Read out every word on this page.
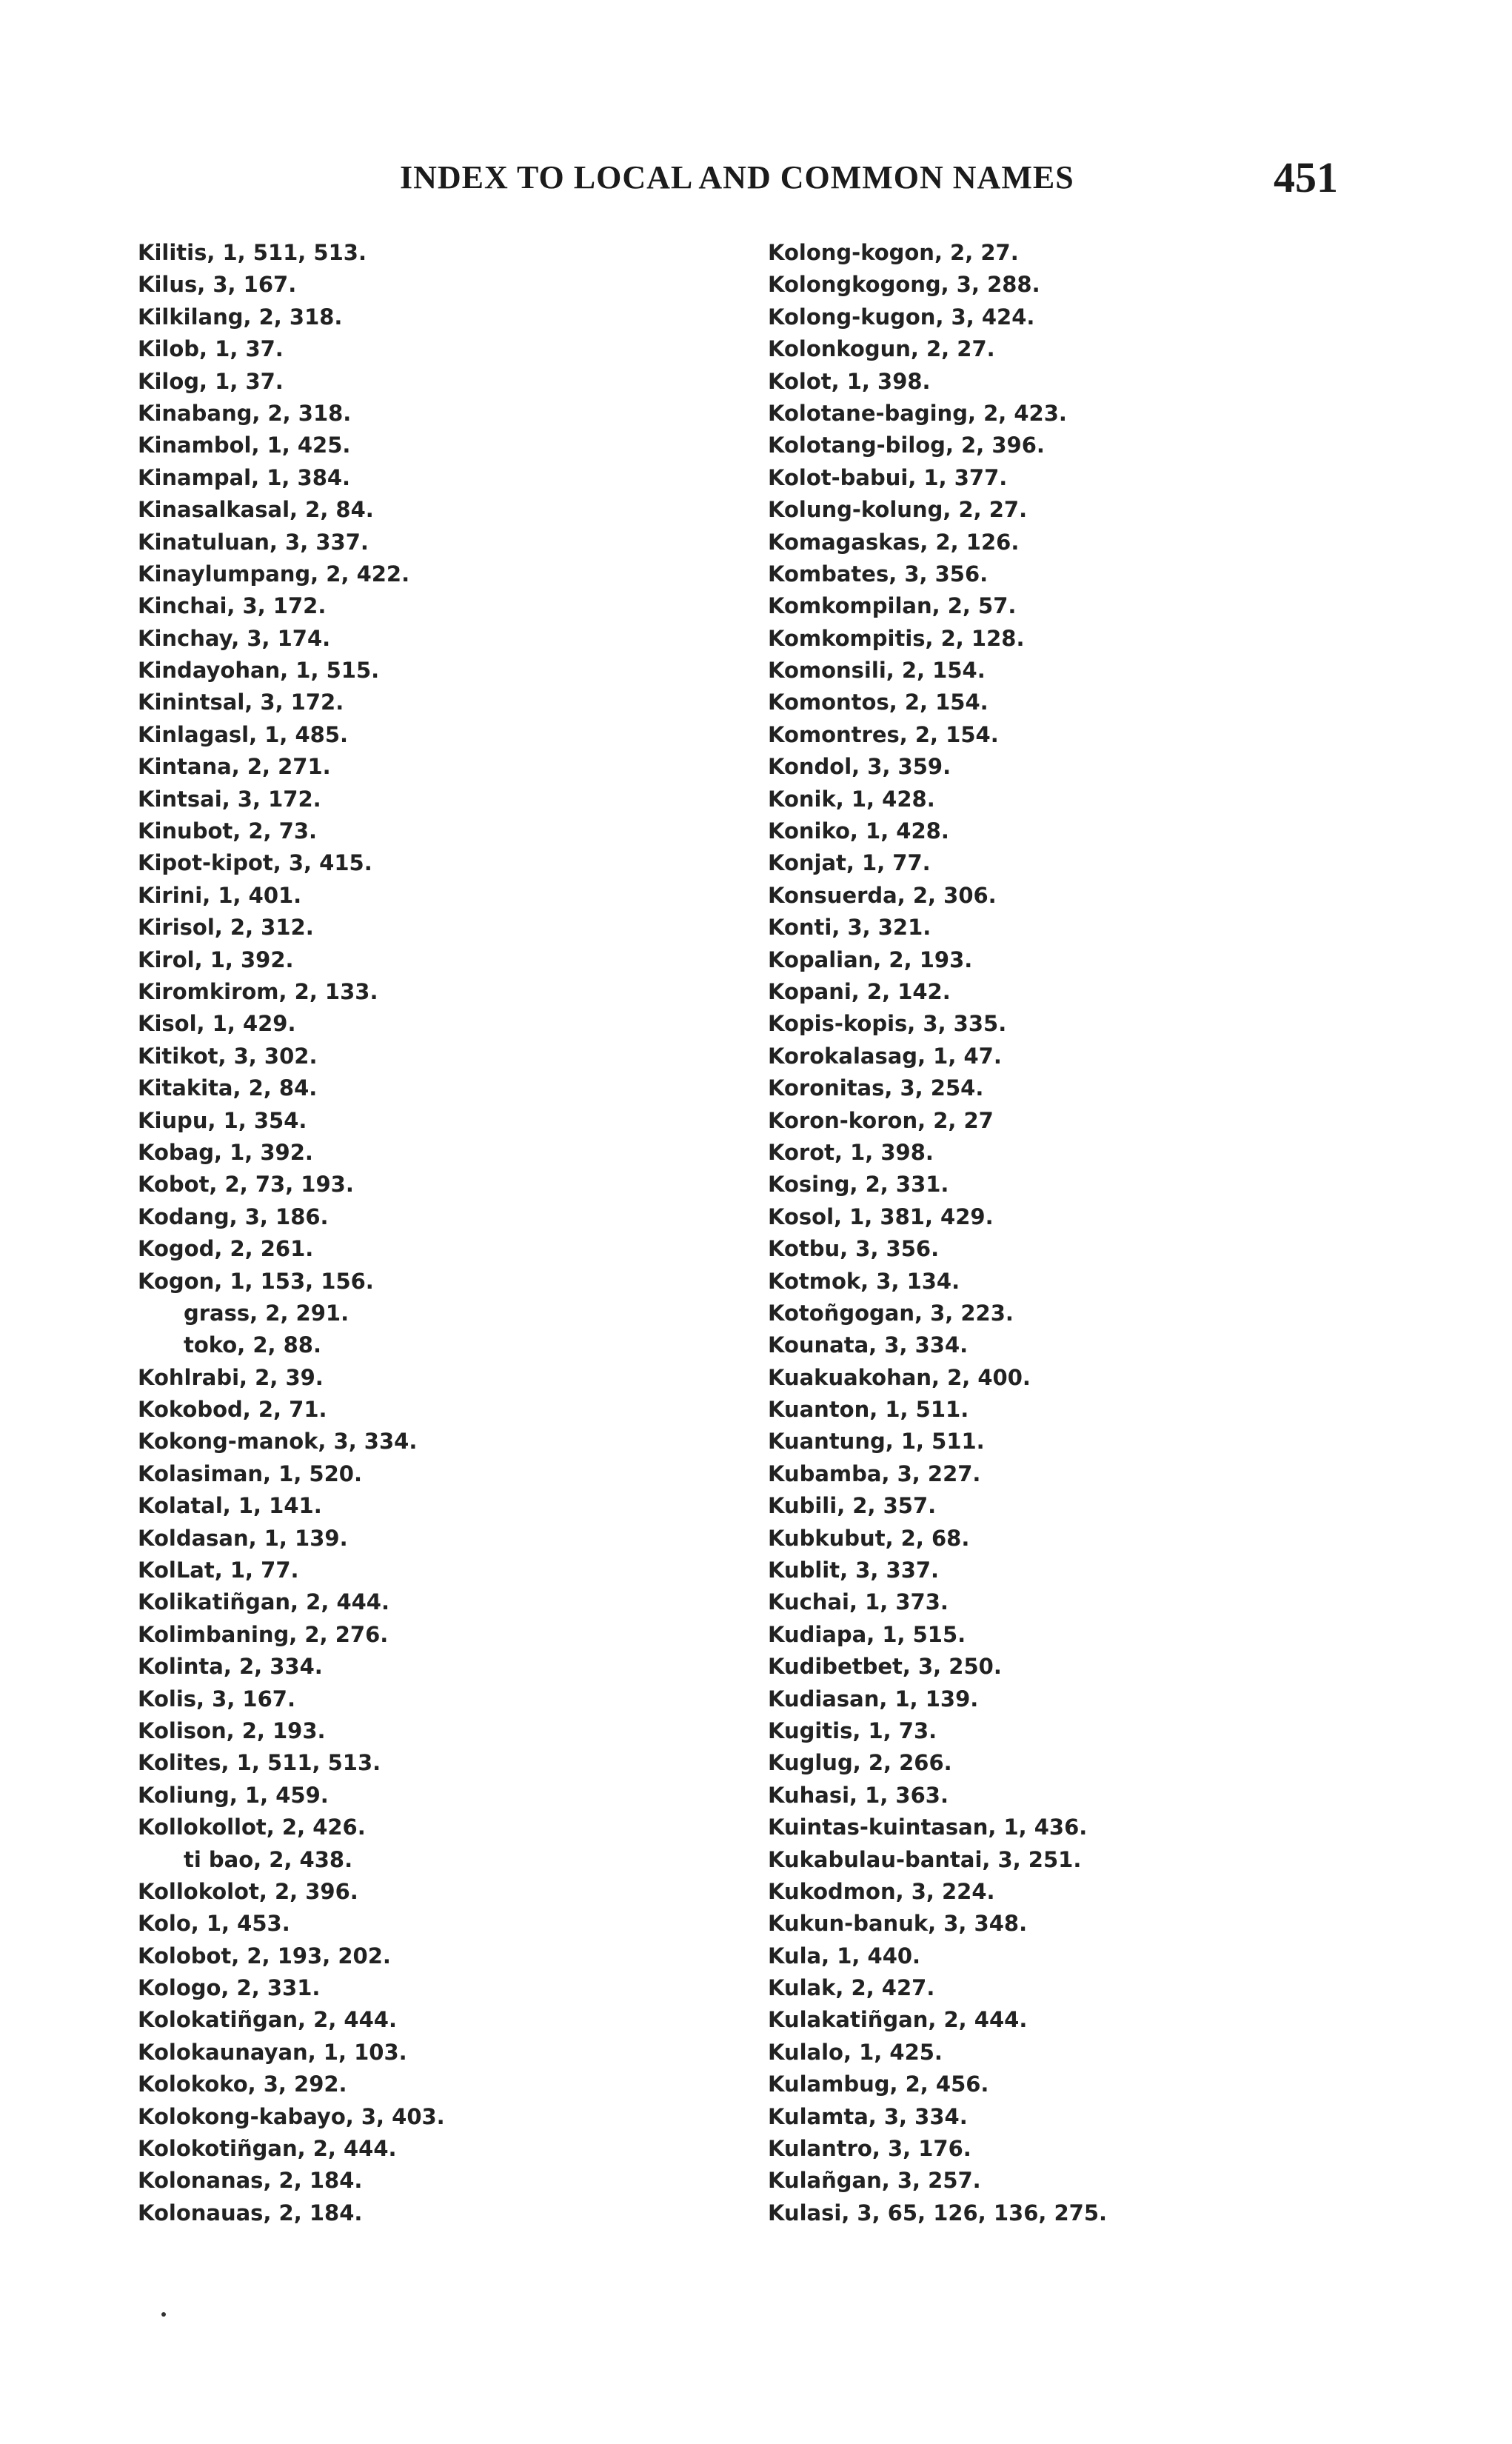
INDEX TO LOCAL AND COMMON NAMES	451
Kilitis, 1, 511, 513.
Kilus, 3, 167.
Kilkilang, 2, 318.
Kilob, 1, 37.
Kilog, 1, 37.
Kinabang, 2, 318.
Kinambol, 1, 425.
Kinampal, 1, 384.
Kinasalkasal, 2, 84.
Kinatuluan, 3, 337.
Kinaylumpang, 2, 422.
Kinchai, 3, 172.
Kinchay, 3, 174.
Kindayohan, 1, 515.
Kinintsal, 3, 172.
Kinlagasl, 1, 485.
Kintana, 2, 271.
Kintsai, 3, 172.
Kinubot, 2, 73.
Kipot-kipot, 3, 415.
Kirini, 1, 401.
Kirisol, 2, 312.
Kirol, 1, 392.
Kiromkirom, 2, 133.
Kisol, 1, 429.
Kitikot, 3, 302.
Kitakita, 2, 84.
Kiupu, 1, 354.
Kobag, 1, 392.
Kobot, 2, 73, 193.
Kodang, 3, 186.
Kogod, 2, 261.
Kogon, 1, 153, 156.
grass, 2, 291.
toko, 2, 88.
Kohlrabi, 2, 39.
Kokobod, 2, 71.
Kokong-manok, 3, 334.
Kolasiman, 1, 520.
Kolatal, 1, 141.
Koldasan, 1, 139.
KolLat, 1, 77.
Kolikatiñgan, 2, 444.
Kolimbaning, 2, 276.
Kolinta, 2, 334.
Kolis, 3, 167.
Kolison, 2, 193.
Kolites, 1, 511, 513.
Koliung, 1, 459.
Kollokollot, 2, 426.
ti bao, 2, 438.
Kollokolot, 2, 396.
Kolo, 1, 453.
Kolobot, 2, 193, 202.
Kologo, 2, 331.
Kolokatiñgan, 2, 444.
Kolokaunayan, 1, 103.
Kolokoko, 3, 292.
Kolokong-kabayo, 3, 403.
Kolokotiñgan, 2, 444.
Kolonanas, 2, 184.
Kolonauas, 2, 184.
Kolong-kogon, 2, 27.
Kolongkogong, 3, 288.
Kolong-kugon, 3, 424.
Kolonkogun, 2, 27.
Kolot, 1, 398.
Kolotane-baging, 2, 423.
Kolotang-bilog, 2, 396.
Kolot-babui, 1, 377.
Kolung-kolung, 2, 27.
Komagaskas, 2, 126.
Kombates, 3, 356.
Komkompilan, 2, 57.
Komkompitis, 2, 128.
Komonsili, 2, 154.
Komontos, 2, 154.
Komontres, 2, 154.
Kondol, 3, 359.
Konik, 1, 428.
Koniko, 1, 428.
Konjat, 1, 77.
Konsuerda, 2, 306.
Konti, 3, 321.
Kopalian, 2, 193.
Kopani, 2, 142.
Kopis-kopis, 3, 335.
Korokalasag, 1, 47.
Koronitas, 3, 254.
Koron-koron, 2, 27
Korot, 1, 398.
Kosing, 2, 331.
Kosol, 1, 381, 429.
Kotbu, 3, 356.
Kotmok, 3, 134.
Kotoñgogan, 3, 223.
Kounata, 3, 334.
Kuakuakohan, 2, 400.
Kuanton, 1, 511.
Kuantung, 1, 511.
Kubamba, 3, 227.
Kubili, 2, 357.
Kubkubut, 2, 68.
Kublit, 3, 337.
Kuchai, 1, 373.
Kudiapa, 1, 515.
Kudibetbet, 3, 250.
Kudiasan, 1, 139.
Kugitis, 1, 73.
Kuglug, 2, 266.
Kuhasi, 1, 363.
Kuintas-kuintasan, 1, 436.
Kukabulau-bantai, 3, 251.
Kukodmon, 3, 224.
Kukun-banuk, 3, 348.
Kula, 1, 440.
Kulak, 2, 427.
Kulakatiñgan, 2, 444.
Kulalo, 1, 425.
Kulambug, 2, 456.
Kulamta, 3, 334.
Kulantro, 3, 176.
Kulañgan, 3, 257.
Kulasi, 3, 65, 126, 136, 275.
